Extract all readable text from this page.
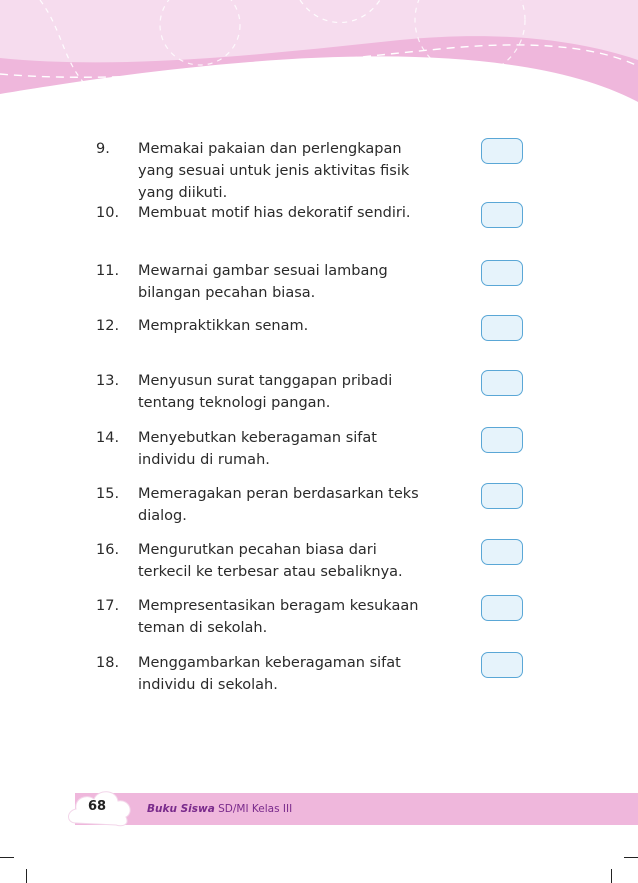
9. Memakai pakaian dan perlengkapan
yang sesuai untuk jenis aktivitas fisik
yang diikuti.
10. Membuat motif hias dekoratif sendiri.
11. Mewarnai gambar sesuai lambang
bilangan pecahan biasa.
12. Mempraktikkan senam.
13. Menyusun surat tanggapan pribadi
tentang teknologi pangan.
14. Menyebutkan keberagaman sifat
individu di rumah.
15. Memeragakan peran berdasarkan teks
dialog.
16. Mengurutkan pecahan biasa dari
terkecil ke terbesar atau sebaliknya.
17. Mempresentasikan beragam kesukaan
teman di sekolah.
18. Menggambarkan keberagaman sifat
individu di sekolah.
68	Buku Siswa SD/MI Kelas III
